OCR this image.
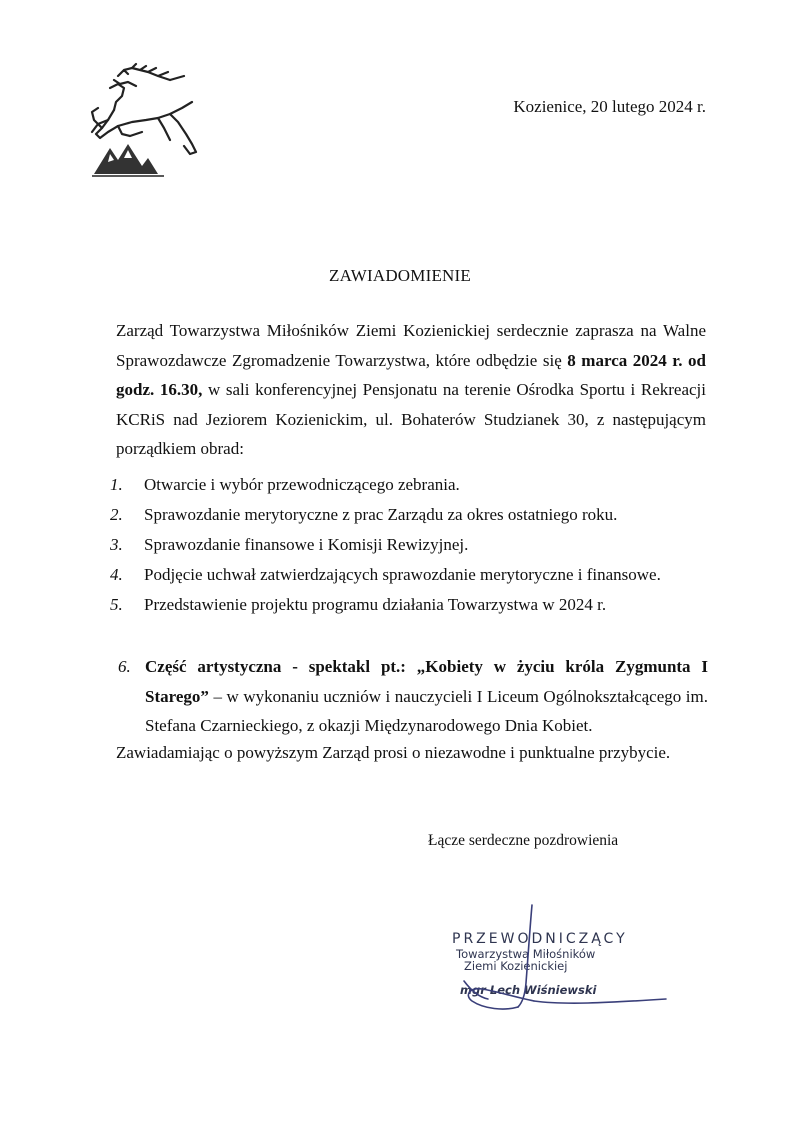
Kozienice, 20 lutego 2024 r.
ZAWIADOMIENIE
Zarząd Towarzystwa Miłośników Ziemi Kozienickiej serdecznie zaprasza na Walne Sprawozdawcze Zgromadzenie Towarzystwa, które odbędzie się 8 marca 2024 r. od godz. 16.30, w sali konferencyjnej Pensjonatu na terenie Ośrodka Sportu i Rekreacji KCRiS nad Jeziorem Kozienickim, ul. Bohaterów Studzianek 30, z następującym porządkiem obrad:
1. Otwarcie i wybór przewodniczącego zebrania.
2. Sprawozdanie merytoryczne z prac Zarządu za okres ostatniego roku.
3. Sprawozdanie finansowe i Komisji Rewizyjnej.
4. Podjęcie uchwał zatwierdzających sprawozdanie merytoryczne i finansowe.
5. Przedstawienie projektu programu działania Towarzystwa w 2024 r.
6. Część artystyczna - spektakl pt.: „Kobiety w życiu króla Zygmunta I Starego” – w wykonaniu uczniów i nauczycieli I Liceum Ogólnokształcącego im. Stefana Czarnieckiego, z okazji Międzynarodowego Dnia Kobiet.
Zawiadamiając o powyższym Zarząd prosi o niezawodne i punktualne przybycie.
Łącze serdeczne pozdrowienia
PRZEWODNICZĄCY
Towarzystwa Miłośników
Ziemi Kozienickiej
mgr Lech Wiśniewski
